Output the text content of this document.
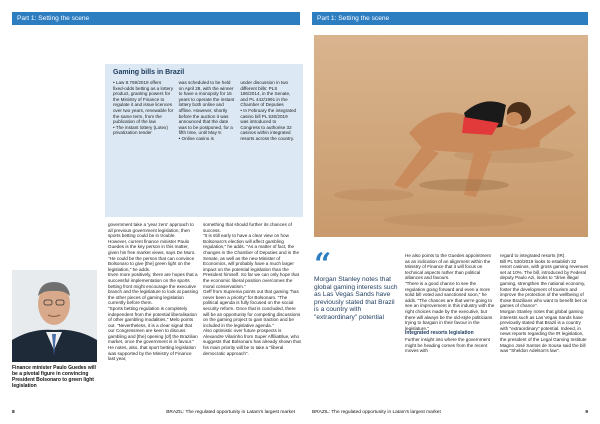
Part 1: Setting the scene	Part 1: Setting the scene
Gaming bills in Brazil
• Law 8.759/2019 offers fixed-odds betting as a lottery product, granting powers for the Ministry of Finance to regulate it and issue licences over two years, renewable for the same term, from the publication of the law
• The instant lottery (Lotex) privatization tender
was scheduled to be held on April 28, with the winner to have a monopoly for 15 years to operate the instant lottery both online and offline. However, shortly before the auction it was announced that the date was to be postponed, for a fifth time, until May 9.
• Online casino is
under discussion in two different bills: PLS 186/2014, in the Senate, and PL 442/1991 in the Chamber of Deputies
• In February the integrated casino bill PL 530/2019 was introduced to Congress to authorise 32 casinos within integrated resorts across the country.
Finance minister Paulo Guedes will be a pivotal figure in convincing President Bolsonaro to green light legislation

government take a 'year zero' approach to all previous government legislation, then sports betting could be in trouble.

However, current finance minister Paulo Guedes is the key person in this matter, given his free market views, says De Muro. "He could be the person that can convince Bolsonaro to give [the] green light on the legislation," he adds.

Even more positively, there are hopes that a successful implementation on the sports betting front might encourage the executive branch and the legislature to look at passing the other pieces of gaming legislation currently before them.

"Sports betting regulation is completely independent from the potential liberalisation of other gambling modalities," Melo points out. "Nevertheless, it is a clear signal that our Congressmen are keen to discuss gambling and [the] opening [of] the Brazilian market, once the government is in favour."

He notes, also, that sport betting legislation was supported by the Ministry of Finance last year,

something that should further its chances of success.

"It is still early to have a clear view on how Bolsonaro's election will affect gambling regulation," he adds. "As a matter of fact, the changes in the Chamber of Deputies and in the Senate, as well as the new Minister of Economics, will probably have a much larger impact on the potential legislation than the President himself. So far we can only hope that the economic liberal position overcomes the moral conservatism."

Geff from Suprema points out that gaming "has never been a priority" for Bolsonaro. "The political agenda is fully focused on the social security reform. Once that is concluded, there will be an opportunity for competing discussions on the gaming project to gain traction and be included in the legislative agenda."

Also optimistic over future prospects is Alexandre Vilarinho from Super AffiliaBlue, who suggests that Bolsonaro has already shown that his main priority will be to take a "liberal democratic approach".

“
Morgan Stanley notes that global gaming interests such as Las Vegas Sands have previously stated that Brazil is a country with "extraordinary" potential

He also points to the Guedes appointment as an indication of an alignment within the Ministry of Finance that it will focus on technical aspects rather than political alliances and favours.

"There is a good chance to see the regulation going forward and even a more solid bill voted and sanctioned soon," he adds. "The chances are that we're going to see an improvement in this industry with the right choices made by the executive, but there will always be the old-style politicians trying to bargain in their favour in the legislature."

Integrated resorts legislation

Further insight into where the government might be heading comes from the recent moves with

regard to integrated resorts (IR).

Bill PL 530/2019 looks to establish 32 resort casinos, with gross gaming revenues set at 10%. The bill, introduced by Federal deputy Paulo Azi, looks to "drive illegal gaming, strengthen the national economy, foster the development of tourism and improve the protection of the wellbeing of those Brazilians who want to benefit bet on games of chance".

Morgan Stanley notes that global gaming interests such as Las Vegas Sands have previously stated that Brazil is a country with "extraordinary" potential. Indeed, in news reports regarding the IR legislation, the president of the Legal Gaming Institute Magno José Santos de Sousa said the bill was "Sheldon Adelson's law".

8	BRAZIL: The regulated opportunity in Latam's largest market	BRAZIL: The regulated opportunity in Latam's largest market	9
